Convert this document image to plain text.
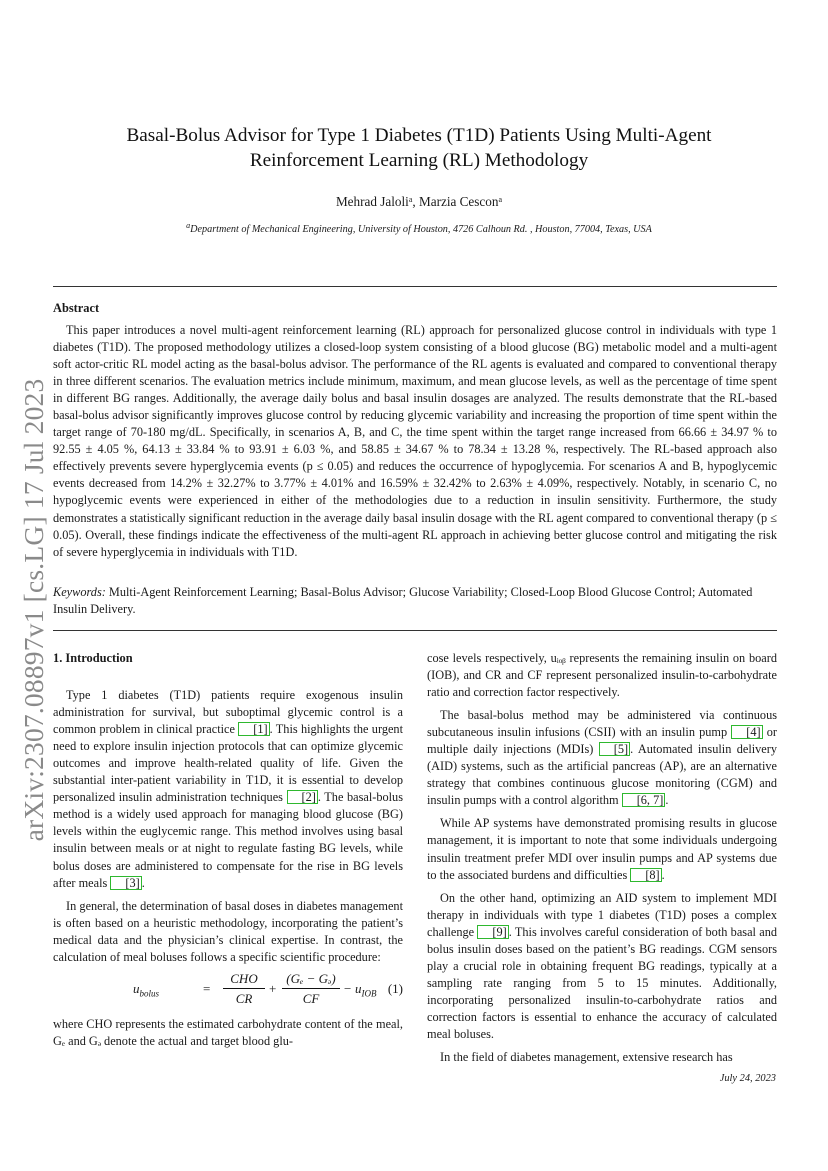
arXiv:2307.08897v1 [cs.LG] 17 Jul 2023
Basal-Bolus Advisor for Type 1 Diabetes (T1D) Patients Using Multi-Agent
Reinforcement Learning (RL) Methodology
Mehrad Jaloli$^a$, Marzia Cescon$^a$
$^a$Department of Mechanical Engineering, University of Houston, 4726 Calhoun Rd. , Houston, 77004, Texas, USA
Abstract

This paper introduces a novel multi-agent reinforcement learning (RL) approach for personalized glucose control in individuals with type 1 diabetes (T1D). The proposed methodology utilizes a closed-loop system consisting of a blood glucose (BG) metabolic model and a multi-agent soft actor-critic RL model acting as the basal-bolus advisor. The performance of the RL agents is evaluated and compared to conventional therapy in three different scenarios. The evaluation metrics include minimum, maximum, and mean glucose levels, as well as the percentage of time spent in different BG ranges. Additionally, the average daily bolus and basal insulin dosages are analyzed. The results demonstrate that the RL-based basal-bolus advisor significantly improves glucose control by reducing glycemic variability and increasing the proportion of time spent within the target range of 70-180 mg/dL. Specifically, in scenarios A, B, and C, the time spent within the target range increased from 66.66 ± 34.97 % to 92.55 ± 4.05 %, 64.13 ± 33.84 % to 93.91 ± 6.03 %, and 58.85 ± 34.67 % to 78.34 ± 13.28 %, respectively. The RL-based approach also effectively prevents severe hyperglycemia events (p ≤ 0.05) and reduces the occurrence of hypoglycemia. For scenarios A and B, hypoglycemic events decreased from 14.2% ± 32.27% to 3.77% ± 4.01% and 16.59% ± 32.42% to 2.63% ± 4.09%, respectively. Notably, in scenario C, no hypoglycemic events were experienced in either of the methodologies due to a reduction in insulin sensitivity. Furthermore, the study demonstrates a statistically significant reduction in the average daily basal insulin dosage with the RL agent compared to conventional therapy (p ≤ 0.05). Overall, these findings indicate the effectiveness of the multi-agent RL approach in achieving better glucose control and mitigating the risk of severe hyperglycemia in individuals with T1D.

Keywords: Multi-Agent Reinforcement Learning; Basal-Bolus Advisor; Glucose Variability; Closed-Loop Blood Glucose Control; Automated Insulin Delivery.
1. Introduction

Type 1 diabetes (T1D) patients require exogenous insulin administration for survival, but suboptimal glycemic control is a common problem in clinical practice [1] . This highlights the urgent need to explore insulin injection protocols that can optimize glycemic outcomes and improve health-related quality of life. Given the substantial inter-patient variability in T1D, it is essential to develop personalized insulin administration techniques [2] . The basal-bolus method is a widely used approach for managing blood glucose (BG) levels within the euglycemic range. This method involves using basal insulin between meals or at night to regulate fasting BG levels, while bolus doses are administered to compensate for the rise in BG levels after meals [3] .

In general, the determination of basal doses in diabetes management is often based on a heuristic methodology, incorporating the patient’s medical data and the physician’s clinical expertise. In contrast, the calculation of meal boluses follows a specific scientific procedure:

$u_{bolus}$	=
CHO
CR
+ $\frac{\text{(Gₑ − Gₔ)}}{CF} - u_{IOB}$ (1)

where CHO represents the estimated carbohydrate content of the meal, Gₑ and Gₔ denote the actual and target blood glu-

cose levels respectively, uᵢₒᵦ represents the remaining insulin on board (IOB), and CR and CF represent personalized insulin-to-carbohydrate ratio and correction factor respectively.

The basal-bolus method may be administered via continuous subcutaneous insulin infusions (CSII) with an insulin pump [4] or multiple daily injections (MDIs) [5] . Automated insulin delivery (AID) systems, such as the artificial pancreas (AP), are an alternative strategy that combines continuous glucose monitoring (CGM) and insulin pumps with a control algorithm [6, 7] .

While AP systems have demonstrated promising results in glucose management, it is important to note that some individuals undergoing insulin treatment prefer MDI over insulin pumps and AP systems due to the associated burdens and difficulties [8] .

On the other hand, optimizing an AID system to implement MDI therapy in individuals with type 1 diabetes (T1D) poses a complex challenge [9] . This involves careful consideration of both basal and bolus insulin doses based on the patient’s BG readings. CGM sensors play a crucial role in obtaining frequent BG readings, typically at a sampling rate ranging from 5 to 15 minutes. Additionally, incorporating personalized insulin-to-carbohydrate ratios and correction factors is essential to enhance the accuracy of calculated meal boluses.

In the field of diabetes management, extensive research has

July 24, 2023
